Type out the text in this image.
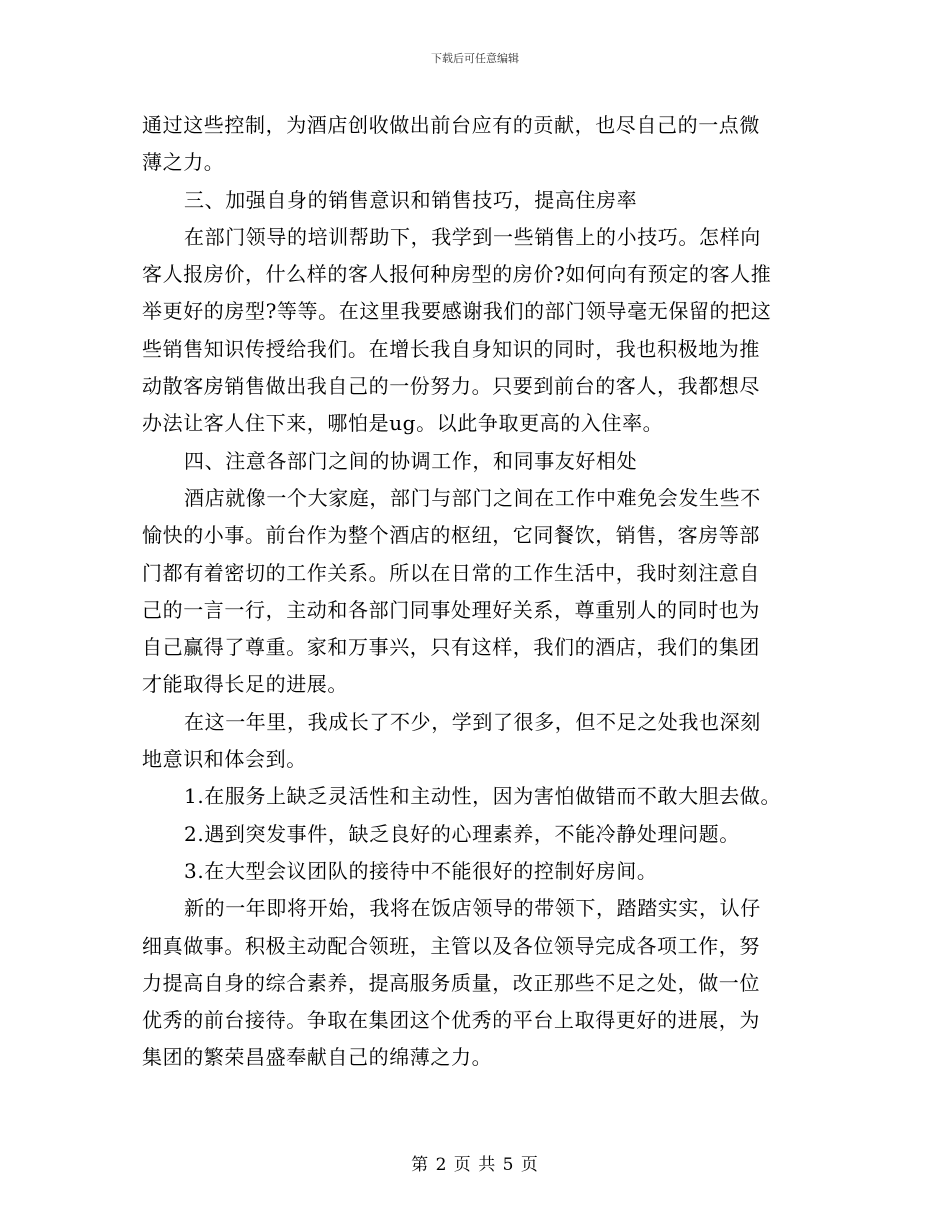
下载后可任意编辑

通过这些控制，为酒店创收做出前台应有的贡献，也尽自己的一点微

薄之力。

三、加强自身的销售意识和销售技巧，提高住房率

在部门领导的培训帮助下，我学到一些销售上的小技巧。怎样向

客人报房价，什么样的客人报何种房型的房价?如何向有预定的客人推

举更好的房型?等等。在这里我要感谢我们的部门领导毫无保留的把这

些销售知识传授给我们。在增长我自身知识的同时，我也积极地为推

动散客房销售做出我自己的一份努力。只要到前台的客人，我都想尽

办法让客人住下来，哪怕是ug。以此争取更高的入住率。

四、注意各部门之间的协调工作，和同事友好相处

酒店就像一个大家庭，部门与部门之间在工作中难免会发生些不

愉快的小事。前台作为整个酒店的枢纽，它同餐饮，销售，客房等部

门都有着密切的工作关系。所以在日常的工作生活中，我时刻注意自

己的一言一行，主动和各部门同事处理好关系，尊重别人的同时也为

自己赢得了尊重。家和万事兴，只有这样，我们的酒店，我们的集团

才能取得长足的进展。

在这一年里，我成长了不少，学到了很多，但不足之处我也深刻

地意识和体会到。

1.在服务上缺乏灵活性和主动性，因为害怕做错而不敢大胆去做。

2.遇到突发事件，缺乏良好的心理素养，不能冷静处理问题。

3.在大型会议团队的接待中不能很好的控制好房间。

新的一年即将开始，我将在饭店领导的带领下，踏踏实实，认仔

细真做事。积极主动配合领班，主管以及各位领导完成各项工作，努

力提高自身的综合素养，提高服务质量，改正那些不足之处，做一位

优秀的前台接待。争取在集团这个优秀的平台上取得更好的进展，为

集团的繁荣昌盛奉献自己的绵薄之力。

第 2 页 共 5 页
